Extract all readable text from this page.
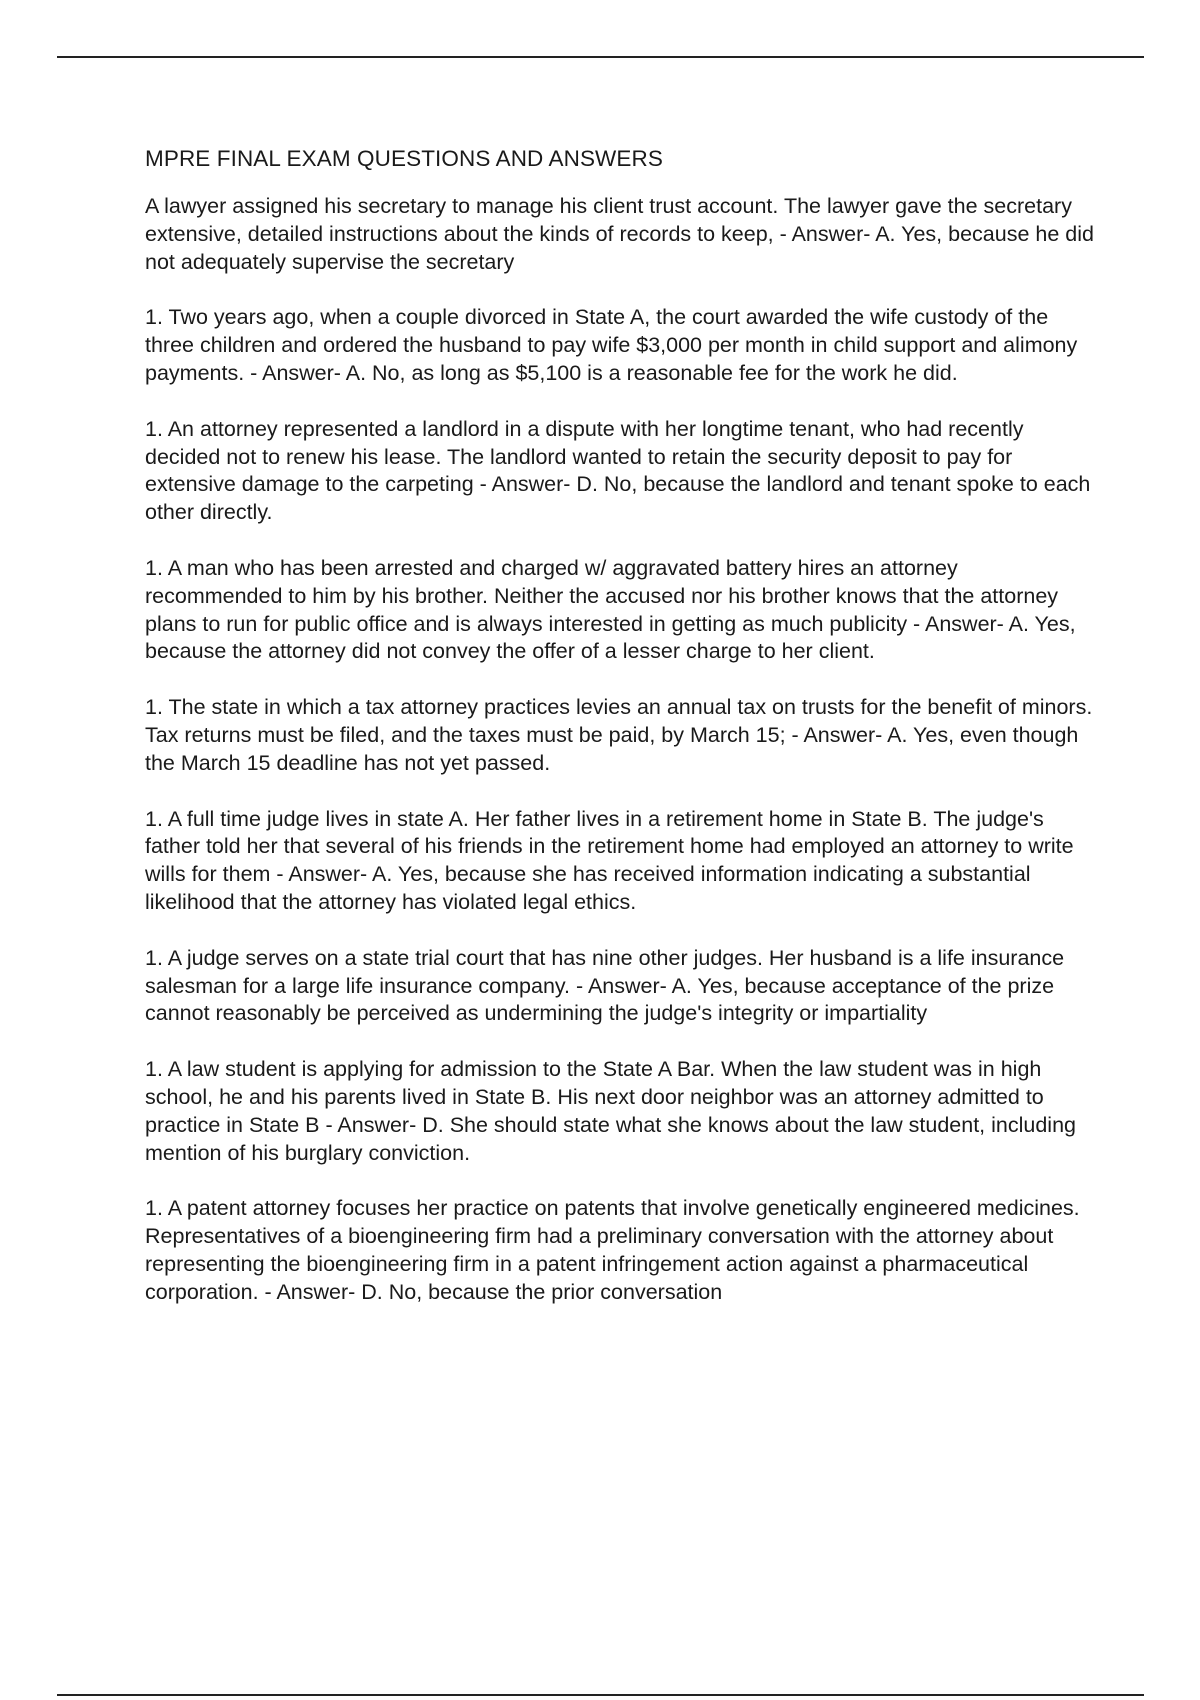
MPRE FINAL EXAM QUESTIONS AND ANSWERS

A lawyer assigned his secretary to manage his client trust account. The lawyer gave the secretary extensive, detailed instructions about the kinds of records to keep, - Answer- A. Yes, because he did not adequately supervise the secretary

1. Two years ago, when a couple divorced in State A, the court awarded the wife custody of the three children and ordered the husband to pay wife $3,000 per month in child support and alimony payments. - Answer- A. No, as long as $5,100 is a reasonable fee for the work he did.

1. An attorney represented a landlord in a dispute with her longtime tenant, who had recently decided not to renew his lease. The landlord wanted to retain the security deposit to pay for extensive damage to the carpeting - Answer- D. No, because the landlord and tenant spoke to each other directly.

1. A man who has been arrested and charged w/ aggravated battery hires an attorney recommended to him by his brother. Neither the accused nor his brother knows that the attorney plans to run for public office and is always interested in getting as much publicity - Answer- A. Yes, because the attorney did not convey the offer of a lesser charge to her client.

1. The state in which a tax attorney practices levies an annual tax on trusts for the benefit of minors. Tax returns must be filed, and the taxes must be paid, by March 15; - Answer- A. Yes, even though the March 15 deadline has not yet passed.

1. A full time judge lives in state A. Her father lives in a retirement home in State B. The judge's father told her that several of his friends in the retirement home had employed an attorney to write wills for them - Answer- A. Yes, because she has received information indicating a substantial likelihood that the attorney has violated legal ethics.

1. A judge serves on a state trial court that has nine other judges. Her husband is a life insurance salesman for a large life insurance company. - Answer- A. Yes, because acceptance of the prize cannot reasonably be perceived as undermining the judge's integrity or impartiality

1. A law student is applying for admission to the State A Bar. When the law student was in high school, he and his parents lived in State B. His next door neighbor was an attorney admitted to practice in State B - Answer- D. She should state what she knows about the law student, including mention of his burglary conviction.

1. A patent attorney focuses her practice on patents that involve genetically engineered medicines. Representatives of a bioengineering firm had a preliminary conversation with the attorney about representing the bioengineering firm in a patent infringement action against a pharmaceutical corporation. - Answer- D. No, because the prior conversation
